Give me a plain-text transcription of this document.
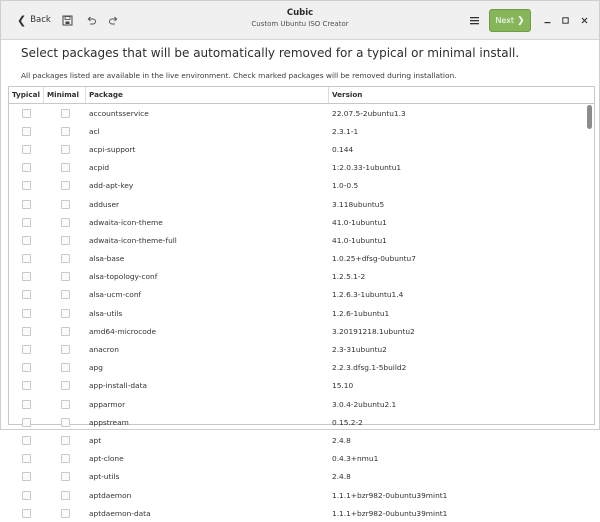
❮ Back
Cubic
Custom Ubuntu ISO Creator	Next ❯
Select packages that will be automatically removed for a typical or minimal install.
All packages listed are available in the live environment. Check marked packages will be removed during installation.
Typical Minimal	Package	Version
accountsservice	22.07.5-2ubuntu1.3
acl	2.3.1-1
acpi-support	0.144
acpid	1:2.0.33-1ubuntu1
add-apt-key	1.0-0.5
adduser	3.118ubuntu5
adwaita-icon-theme	41.0-1ubuntu1
adwaita-icon-theme-full	41.0-1ubuntu1
alsa-base	1.0.25+dfsg-0ubuntu7
alsa-topology-conf	1.2.5.1-2
alsa-ucm-conf	1.2.6.3-1ubuntu1.4
alsa-utils	1.2.6-1ubuntu1
amd64-microcode	3.20191218.1ubuntu2
anacron	2.3-31ubuntu2
apg	2.2.3.dfsg.1-5build2
app-install-data	15.10
apparmor	3.0.4-2ubuntu2.1
appstream	0.15.2-2
apt	2.4.8
apt-clone	0.4.3+nmu1
apt-utils	2.4.8
aptdaemon	1.1.1+bzr982-0ubuntu39mint1
aptdaemon-data	1.1.1+bzr982-0ubuntu39mint1
